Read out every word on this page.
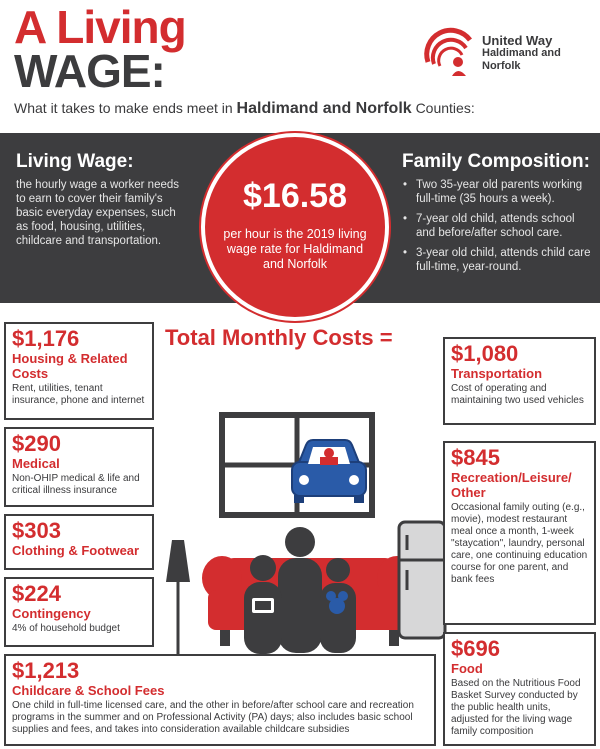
A Living
WAGE:
What it takes to make ends meet in Haldimand and Norfolk Counties:
United Way
Haldimand and Norfolk
Living Wage:
the hourly wage a worker needs to earn to cover their family's basic everyday expenses, such as food, housing, utilities, childcare and transportation.
$16.58
per hour is the 2019 living wage rate for Haldimand and Norfolk
Family Composition:
• Two 35-year old parents working full-time (35 hours a week).
• 7-year old child, attends school and before/after school care.
• 3-year old child, attends child care full-time, year-round.
Total Monthly Costs =
$1,176
Housing & Related Costs
Rent, utilities, tenant insurance, phone and internet
$290
Medical
Non-OHIP medical & life and critical illness insurance
$303
Clothing & Footwear
$224
Contingency
4% of household budget
$1,213
Childcare & School Fees
One child in full-time licensed care, and the other in before/after school care and recreation programs in the summer and on Professional Activity (PA) days; also includes basic school supplies and fees, and takes into consideration available childcare subsidies
$1,080
Transportation
Cost of operating and maintaining two used vehicles
$845
Recreation/Leisure/ Other
Occasional family outing (e.g., movie), modest restaurant meal once a month, 1-week "staycation", laundry, personal care, one continuing education course for one parent, and bank fees
$696
Food
Based on the Nutritious Food Basket Survey conducted by the public health units, adjusted for the living wage family composition
